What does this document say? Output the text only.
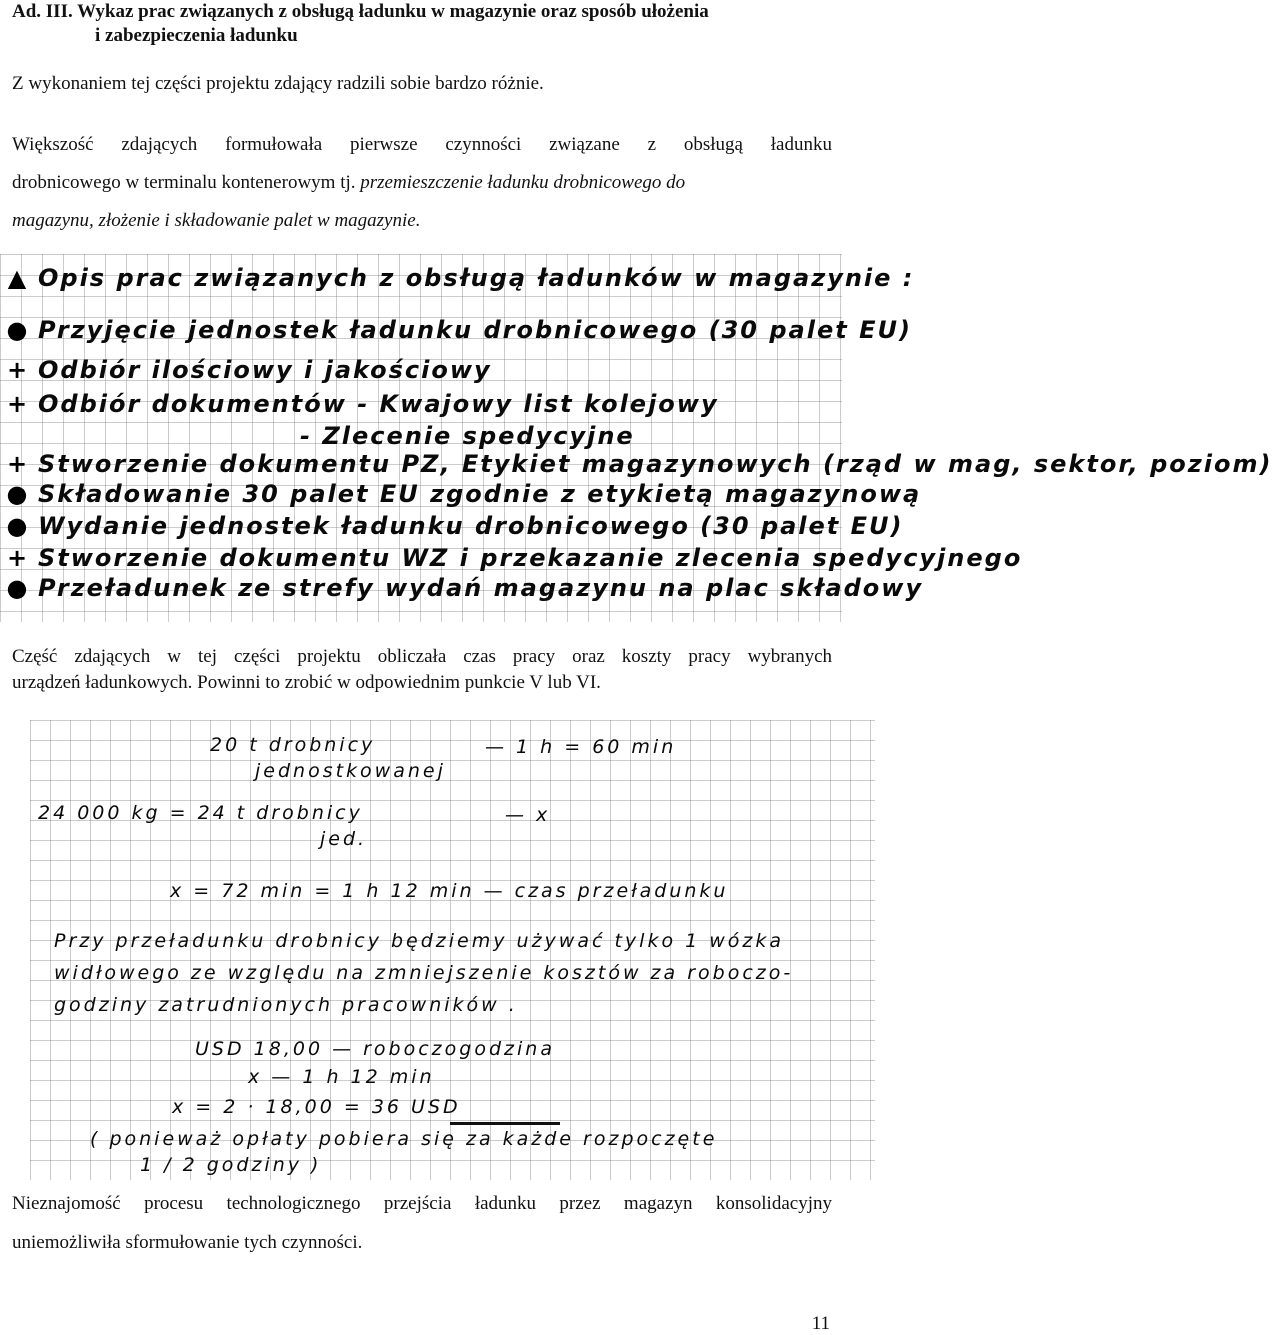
Ad. III. Wykaz prac związanych z obsługą ładunku w magazynie oraz sposób ułożenia
i zabezpieczenia ładunku
Z wykonaniem tej części projektu zdający radzili sobie bardzo różnie.
Większość zdających formułowała pierwsze czynności związane z obsługą ładunku
drobnicowego w terminalu kontenerowym tj. przemieszczenie ładunku drobnicowego do
magazynu, złożenie i składowanie palet w magazynie.
▲ Opis prac związanych z obsługą ładunków w magazynie :
● Przyjęcie jednostek ładunku drobnicowego (30 palet EU)
+ Odbiór ilościowy i jakościowy
+ Odbiór dokumentów - Kwajowy list kolejowy
- Zlecenie spedycyjne
+ Stworzenie dokumentu PZ, Etykiet magazynowych (rząd w mag, sektor, poziom)
● Składowanie 30 palet EU zgodnie z etykietą magazynową
● Wydanie jednostek ładunku drobnicowego (30 palet EU)
+ Stworzenie dokumentu WZ i przekazanie zlecenia spedycyjnego
● Przeładunek ze strefy wydań magazynu na plac składowy
Część zdających w tej części projektu obliczała czas pracy oraz koszty pracy wybranych
urządzeń ładunkowych. Powinni to zrobić w odpowiednim punkcie V lub VI.
20 t drobnicy
jednostkowanej
— 1 h = 60 min
24 000 kg = 24 t drobnicy
jed.
— x
x = 72 min = 1 h 12 min — czas przeładunku
Przy przeładunku drobnicy będziemy używać tylko 1 wózka
widłowego ze względu na zmniejszenie kosztów za roboczo-
godziny zatrudnionych pracowników .
USD 18,00 — roboczogodzina
x — 1 h 12 min
x = 2 · 18,00 = 36 USD
( ponieważ opłaty pobiera się za każde rozpoczęte
1 / 2 godziny )
Nieznajomość procesu technologicznego przejścia ładunku przez magazyn konsolidacyjny
uniemożliwiła sformułowanie tych czynności.
11
